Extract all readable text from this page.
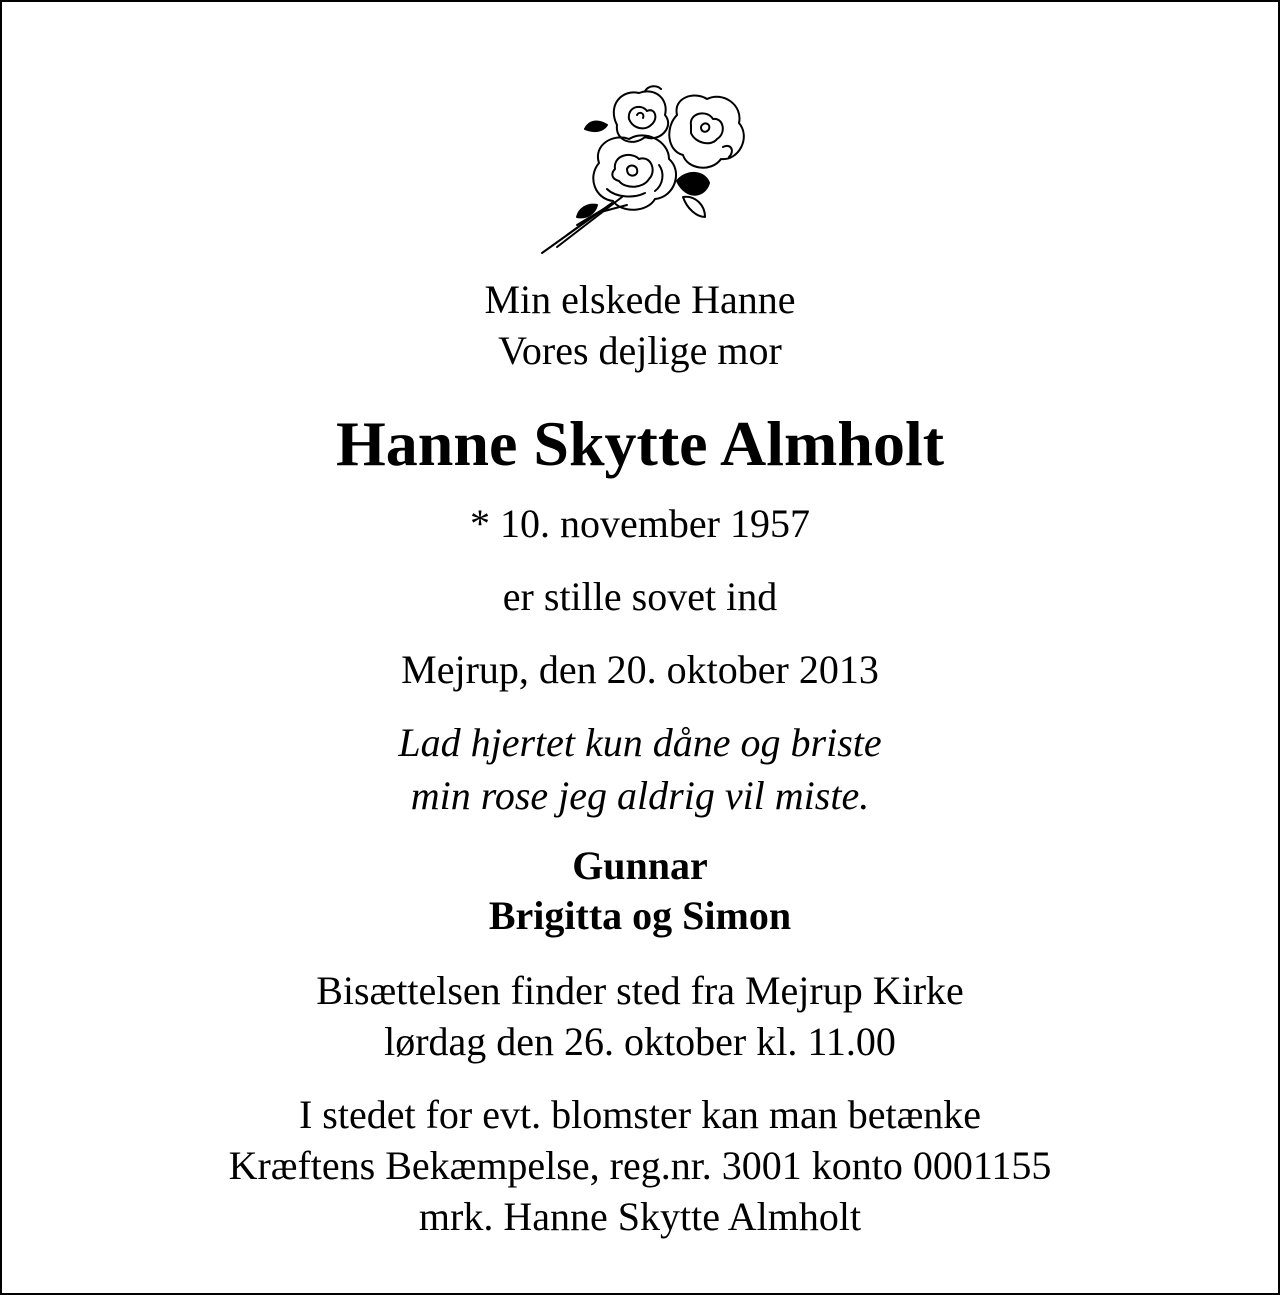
Min elskede Hanne
Vores dejlige mor
Hanne Skytte Almholt
* 10. november 1957
er stille sovet ind
Mejrup, den 20. oktober 2013
Lad hjertet kun dåne og briste
min rose jeg aldrig vil miste.
Gunnar
Brigitta og Simon
Bisættelsen finder sted fra Mejrup Kirke
lørdag den 26. oktober kl. 11.00
I stedet for evt. blomster kan man betænke
Kræftens Bekæmpelse, reg.nr. 3001 konto 0001155
mrk. Hanne Skytte Almholt
